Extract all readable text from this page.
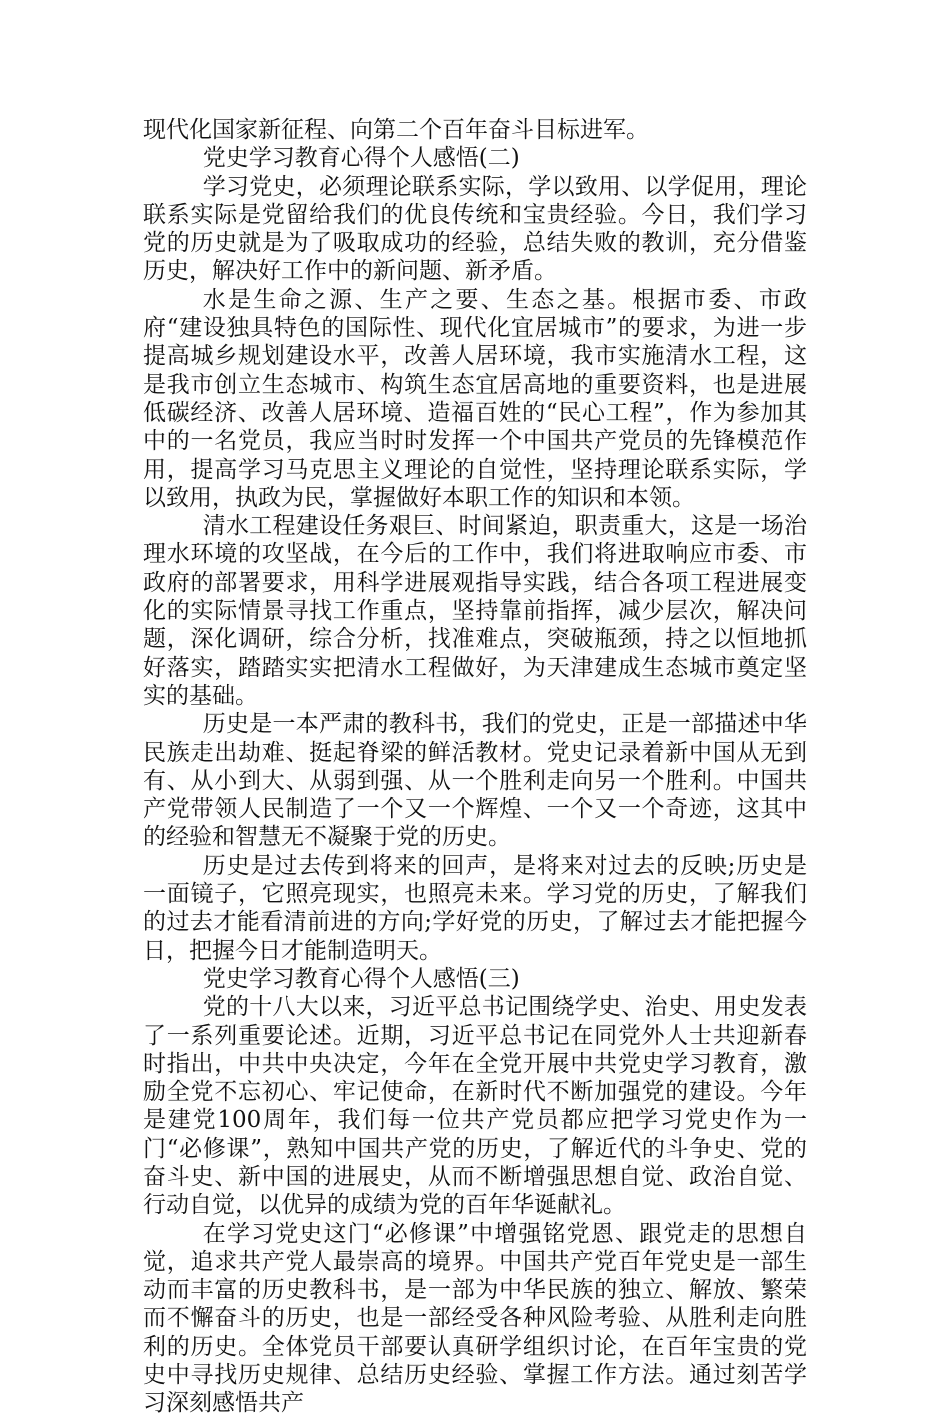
现代化国家新征程、向第二个百年奋斗目标进军。

党史学习教育心得个人感悟(二)

学习党史，必须理论联系实际，学以致用、以学促用，理论联系实际是党留给我们的优良传统和宝贵经验。今日，我们学习党的历史就是为了吸取成功的经验，总结失败的教训，充分借鉴历史，解决好工作中的新问题、新矛盾。

水是生命之源、生产之要、生态之基。根据市委、市政府“建设独具特色的国际性、现代化宜居城市”的要求，为进一步提高城乡规划建设水平，改善人居环境，我市实施清水工程，这是我市创立生态城市、构筑生态宜居高地的重要资料，也是进展低碳经济、改善人居环境、造福百姓的“民心工程”，作为参加其中的一名党员，我应当时时发挥一个中国共产党员的先锋模范作用，提高学习马克思主义理论的自觉性，坚持理论联系实际，学以致用，执政为民，掌握做好本职工作的知识和本领。

清水工程建设任务艰巨、时间紧迫，职责重大，这是一场治理水环境的攻坚战，在今后的工作中，我们将进取响应市委、市政府的部署要求，用科学进展观指导实践，结合各项工程进展变化的实际情景寻找工作重点，坚持靠前指挥，减少层次，解决问题，深化调研，综合分析，找准难点，突破瓶颈，持之以恒地抓好落实，踏踏实实把清水工程做好，为天津建成生态城市奠定坚实的基础。

历史是一本严肃的教科书，我们的党史，正是一部描述中华民族走出劫难、挺起脊梁的鲜活教材。党史记录着新中国从无到有、从小到大、从弱到强、从一个胜利走向另一个胜利。中国共产党带领人民制造了一个又一个辉煌、一个又一个奇迹，这其中的经验和智慧无不凝聚于党的历史。

历史是过去传到将来的回声，是将来对过去的反映;历史是一面镜子，它照亮现实，也照亮未来。学习党的历史，了解我们的过去才能看清前进的方向;学好党的历史，了解过去才能把握今日，把握今日才能制造明天。

党史学习教育心得个人感悟(三)

党的十八大以来，习近平总书记围绕学史、治史、用史发表了一系列重要论述。近期，习近平总书记在同党外人士共迎新春时指出，中共中央决定，今年在全党开展中共党史学习教育，激励全党不忘初心、牢记使命，在新时代不断加强党的建设。今年是建党100周年，我们每一位共产党员都应把学习党史作为一门“必修课”，熟知中国共产党的历史，了解近代的斗争史、党的奋斗史、新中国的进展史，从而不断增强思想自觉、政治自觉、行动自觉，以优异的成绩为党的百年华诞献礼。

在学习党史这门“必修课”中增强铭党恩、跟党走的思想自觉，追求共产党人最崇高的境界。中国共产党百年党史是一部生动而丰富的历史教科书，是一部为中华民族的独立、解放、繁荣而不懈奋斗的历史，也是一部经受各种风险考验、从胜利走向胜利的历史。全体党员干部要认真研学组织讨论，在百年宝贵的党史中寻找历史规律、总结历史经验、掌握工作方法。通过刻苦学习深刻感悟共产
